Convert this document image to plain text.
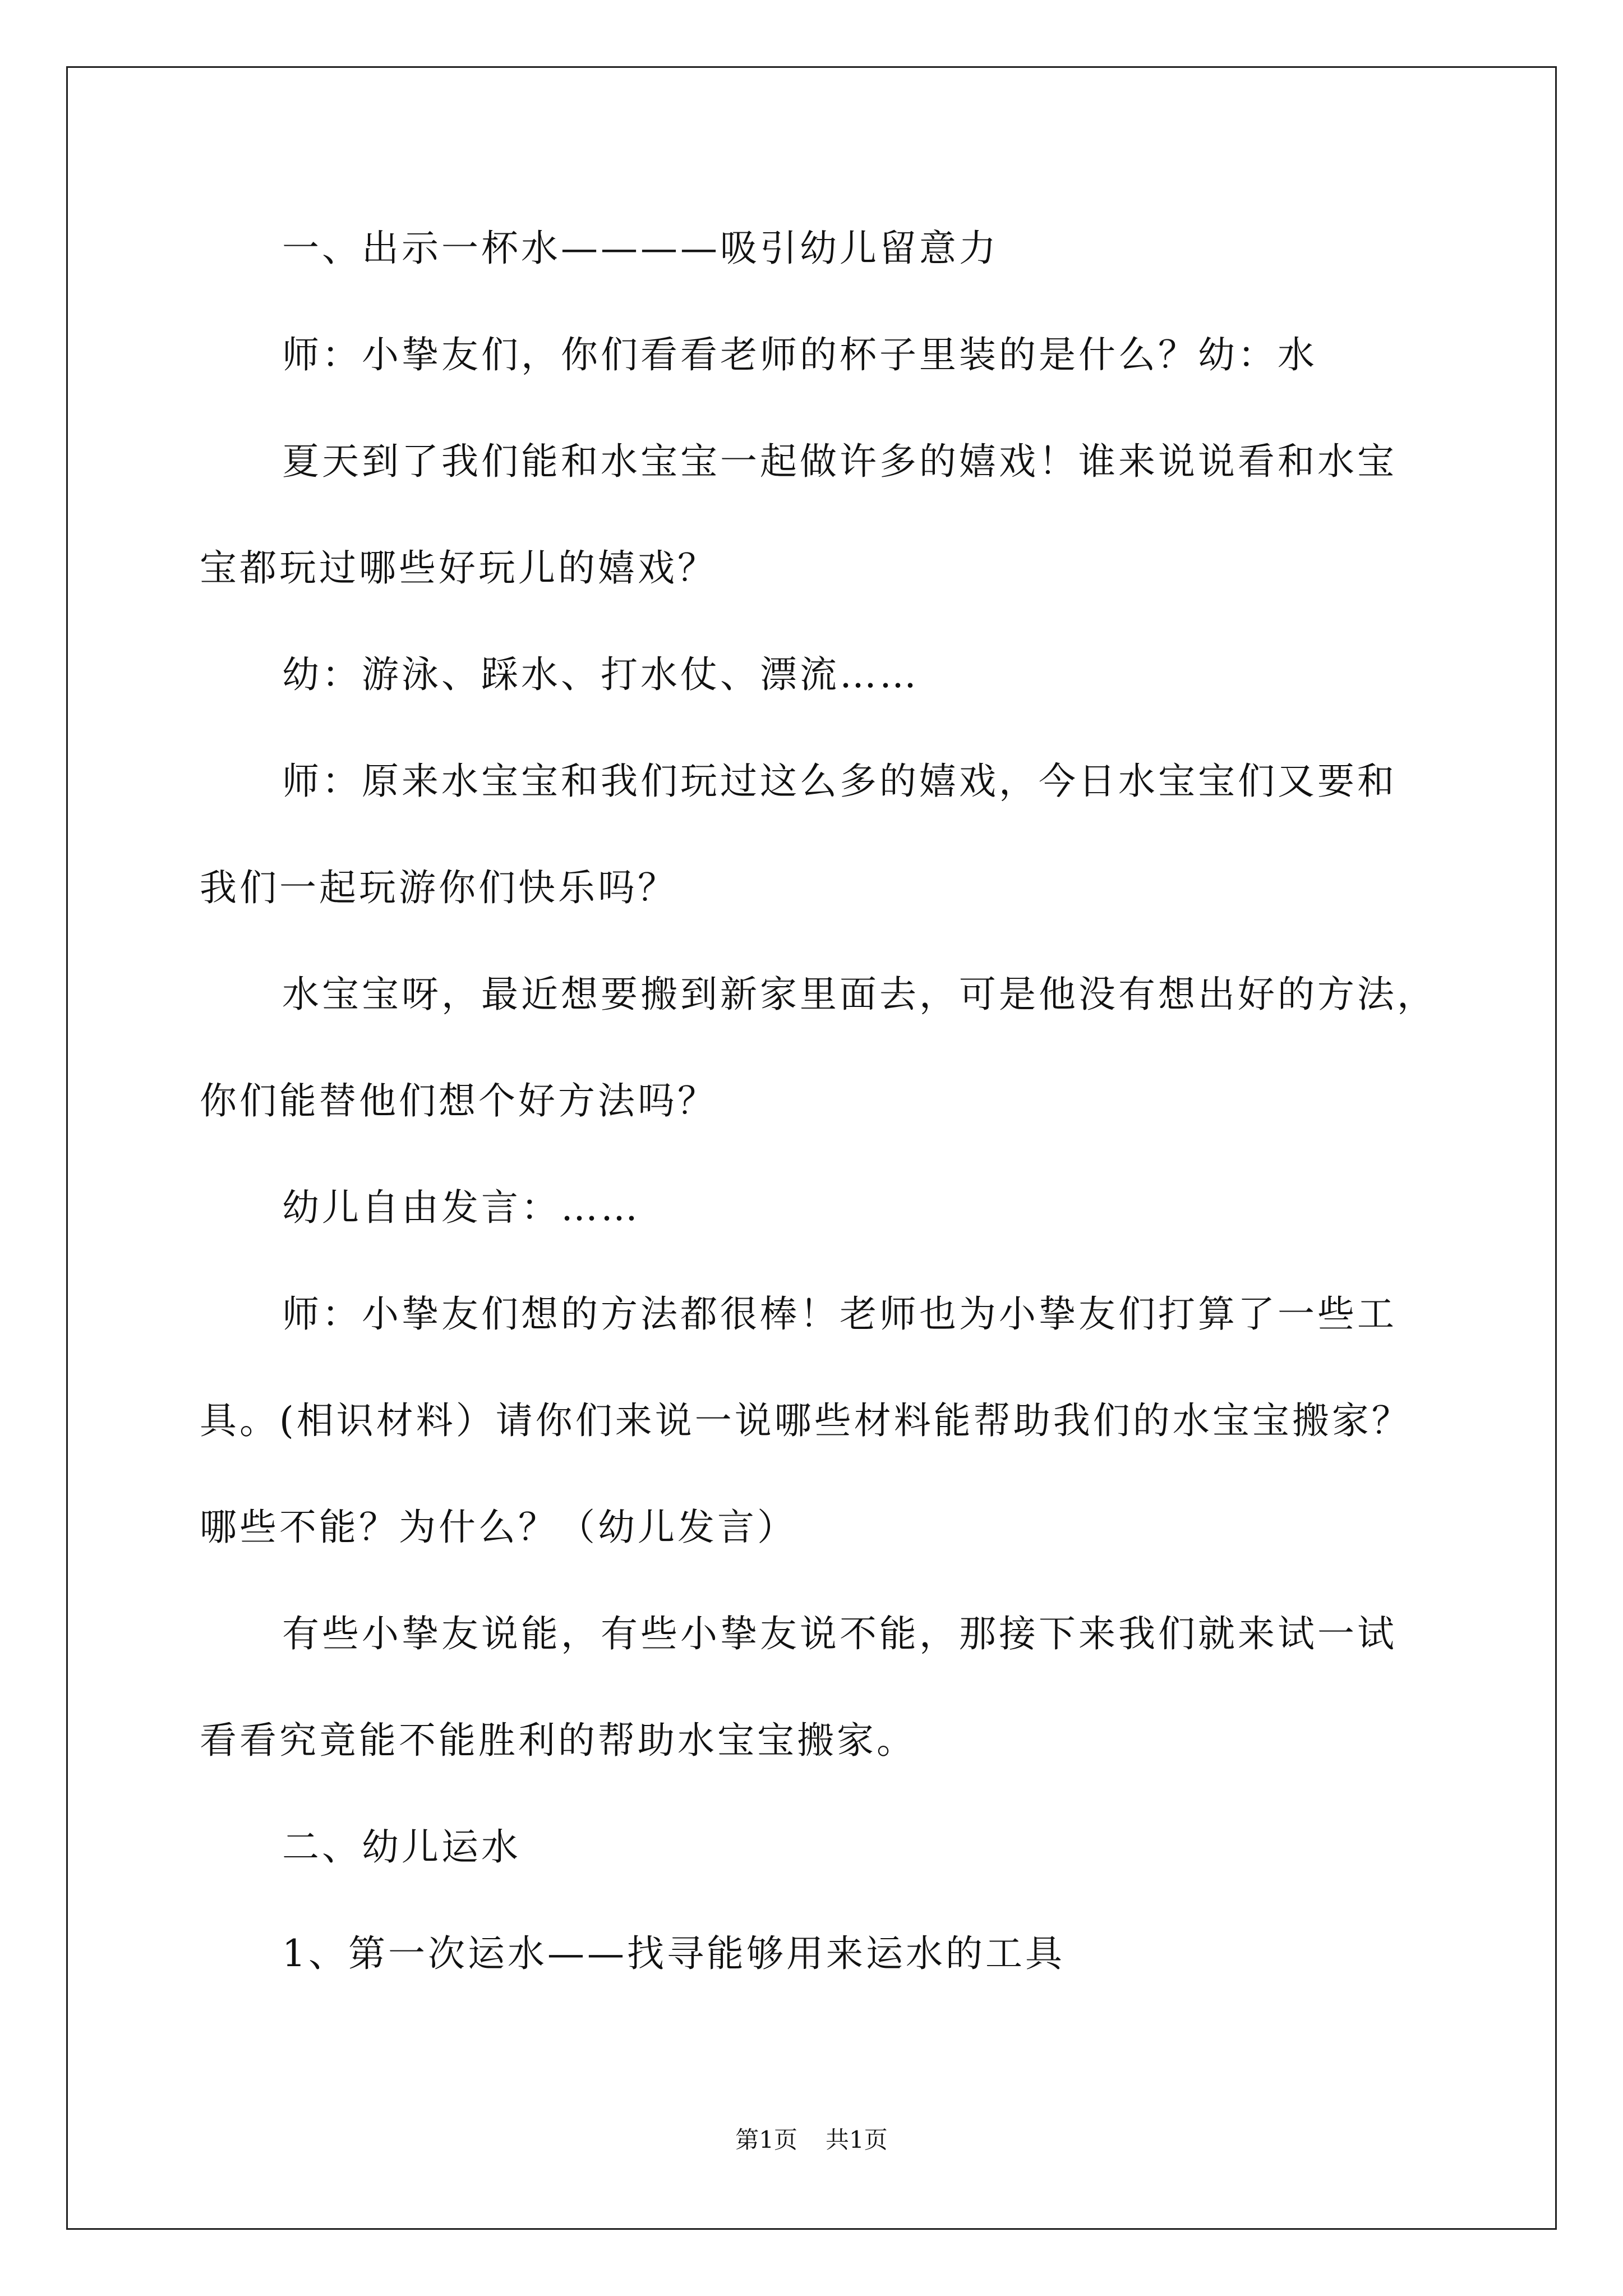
一、出示一杯水————吸引幼儿留意力
师：小挚友们，你们看看老师的杯子里装的是什么？幼：水
夏天到了我们能和水宝宝一起做许多的嬉戏！谁来说说看和水宝
宝都玩过哪些好玩儿的嬉戏？
幼：游泳、踩水、打水仗、漂流……
师：原来水宝宝和我们玩过这么多的嬉戏，今日水宝宝们又要和
我们一起玩游你们快乐吗？
水宝宝呀，最近想要搬到新家里面去，可是他没有想出好的方法，
你们能替他们想个好方法吗？
幼儿自由发言：……
师：小挚友们想的方法都很棒！老师也为小挚友们打算了一些工
具。(相识材料）请你们来说一说哪些材料能帮助我们的水宝宝搬家？
哪些不能？为什么？（幼儿发言）
有些小挚友说能，有些小挚友说不能，那接下来我们就来试一试
看看究竟能不能胜利的帮助水宝宝搬家。
二、幼儿运水
1、第一次运水——找寻能够用来运水的工具
第1页 共1页
